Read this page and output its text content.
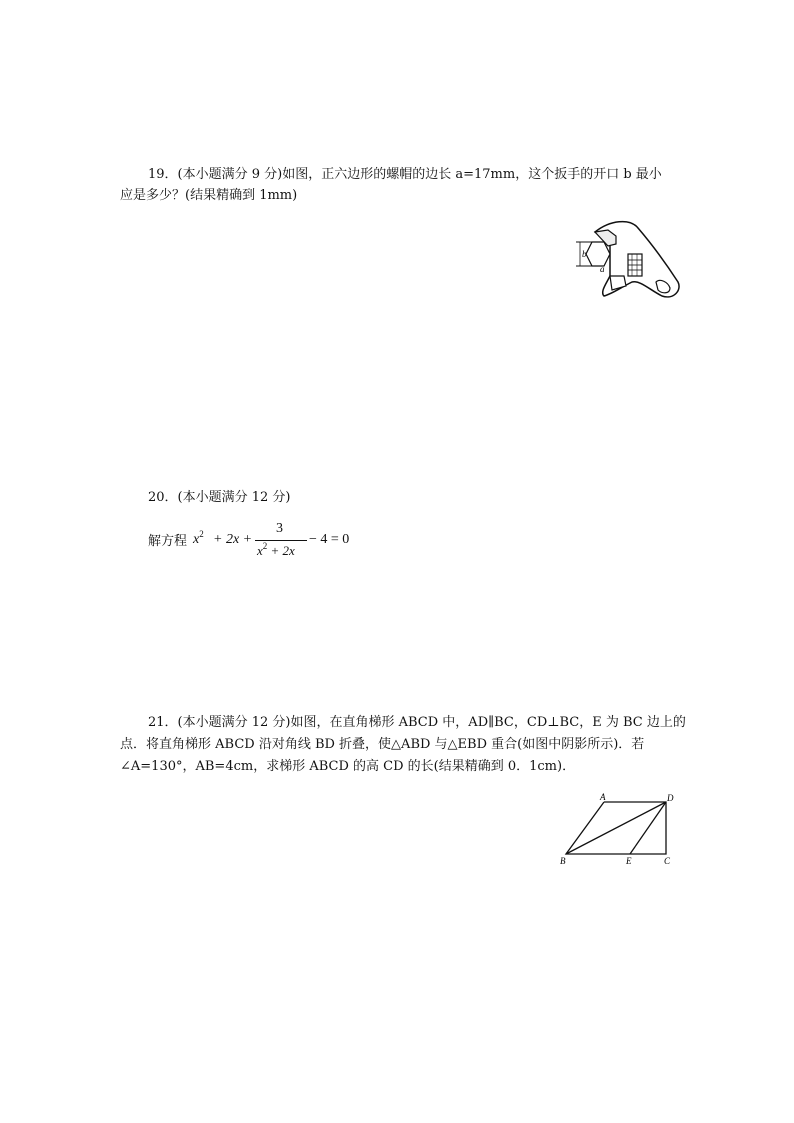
19．(本小题满分 9 分)如图，正六边形的螺帽的边长 a=17mm，这个扳手的开口 b 最小
应是多少？(结果精确到 1mm)
b
a
20．(本小题满分 12 分)
解方程 $x^2 + 2x$ +
3
$x^2 + 2x$
− 4 = 0
21．(本小题满分 12 分)如图，在直角梯形 ABCD 中，AD∥BC，CD⊥BC，E 为 BC 边上的
点．将直角梯形 ABCD 沿对角线 BD 折叠，使△ABD 与△EBD 重合(如图中阴影所示)．若
∠A=130°，AB=4cm，求梯形 ABCD 的高 CD 的长(结果精确到 0．1cm)．
A	D
B	E	C
